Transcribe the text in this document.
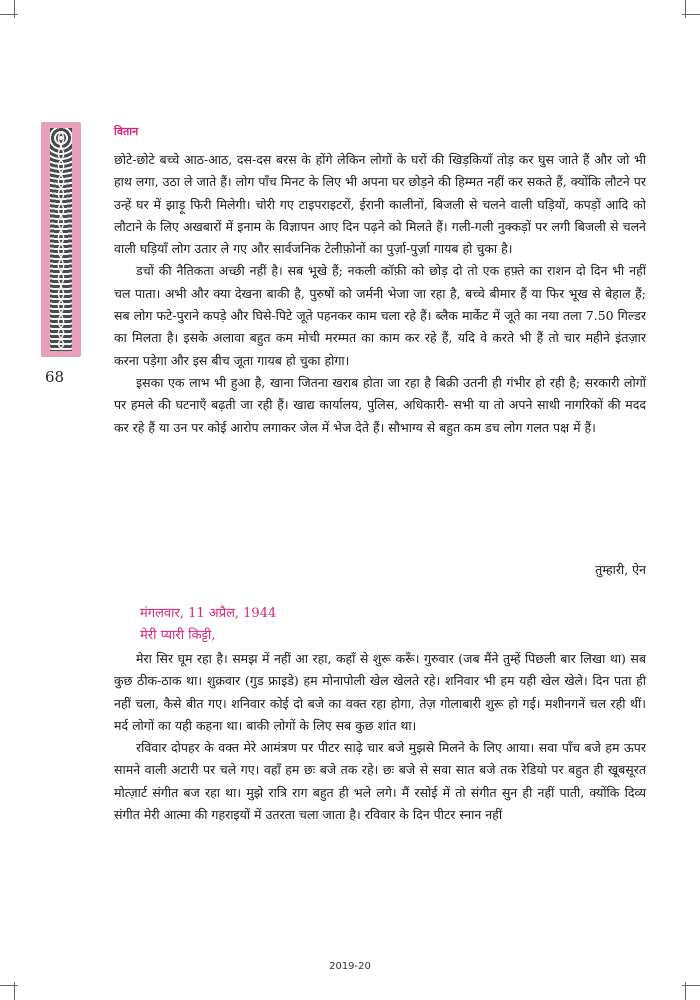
वितान
68

छोटे-छोटे बच्चे आठ-आठ, दस-दस बरस के होंगे लेकिन लोगों के घरों की खिड़कियाँ तोड़ कर घुस जाते हैं और जो भी हाथ लगा, उठा ले जाते हैं। लोग पाँच मिनट के लिए भी अपना घर छोड़ने की हिम्मत नहीं कर सकते हैं, क्योंकि लौटने पर उन्हें घर में झाड़ू फिरी मिलेगी। चोरी गए टाइपराइटरों, ईरानी कालीनों, बिजली से चलने वाली घड़ियों, कपड़ों आदि को लौटाने के लिए अखबारों में इनाम के विज्ञापन आए दिन पढ़ने को मिलते हैं। गली-गली नुक्कड़ों पर लगी बिजली से चलने वाली घड़ियाँ लोग उतार ले गए और सार्वजनिक टेलीफ़ोनों का पुर्ज़ा-पुर्ज़ा गायब हो चुका है।

डचों की नैतिकता अच्छी नहीं है। सब भूखे हैं; नकली कॉफ़ी को छोड़ दो तो एक हफ़्ते का राशन दो दिन भी नहीं चल पाता। अभी और क्या देखना बाकी है, पुरुषों को जर्मनी भेजा जा रहा है, बच्चे बीमार हैं या फिर भूख से बेहाल हैं; सब लोग फटे-पुराने कपड़े और घिसे-पिटे जूते पहनकर काम चला रहे हैं। ब्लैक मार्केट में जूते का नया तला 7.50 गिल्डर का मिलता है। इसके अलावा बहुत कम मोची मरम्मत का काम कर रहे हैं, यदि वे करते भी हैं तो चार महीने इंतज़ार करना पड़ेगा और इस बीच जूता गायब हो चुका होगा।

इसका एक लाभ भी हुआ है, खाना जितना खराब होता जा रहा है बिक्री उतनी ही गंभीर हो रही है; सरकारी लोगों पर हमले की घटनाएँ बढ़ती जा रही हैं। खाद्य कार्यालय, पुलिस, अधिकारी- सभी या तो अपने साथी नागरिकों की मदद कर रहे हैं या उन पर कोई आरोप लगाकर जेल में भेज देते हैं। सौभाग्य से बहुत कम डच लोग गलत पक्ष में हैं।

तुम्हारी, ऐन
मंगलवार, 11 अप्रैल, 1944
मेरी प्यारी किट्टी,

मेरा सिर घूम रहा है। समझ में नहीं आ रहा, कहाँ से शुरू करूँ। गुरुवार (जब मैंने तुम्हें पिछली बार लिखा था) सब कुछ ठीक-ठाक था। शुक्रवार (गुड फ्राइडे) हम मोनापोली खेल खेलते रहे। शनिवार भी हम यही खेल खेले। दिन पता ही नहीं चला, कैसे बीत गए। शनिवार कोई दो बजे का वक्त रहा होगा, तेज़ गोलाबारी शुरू हो गई। मशीनगनें चल रही थीं। मर्द लोगों का यही कहना था। बाकी लोगों के लिए सब कुछ शांत था।

रविवार दोपहर के वक्त मेरे आमंत्रण पर पीटर साढ़े चार बजे मुझसे मिलने के लिए आया। सवा पाँच बजे हम ऊपर सामने वाली अटारी पर चले गए। वहाँ हम छः बजे तक रहे। छः बजे से सवा सात बजे तक रेडियो पर बहुत ही खूबसूरत मोत्ज़ार्ट संगीत बज रहा था। मुझे रात्रि राग बहुत ही भले लगे। मैं रसोई में तो संगीत सुन ही नहीं पाती, क्योंकि दिव्य संगीत मेरी आत्मा की गहराइयों में उतरता चला जाता है। रविवार के दिन पीटर स्नान नहीं

2019-20
